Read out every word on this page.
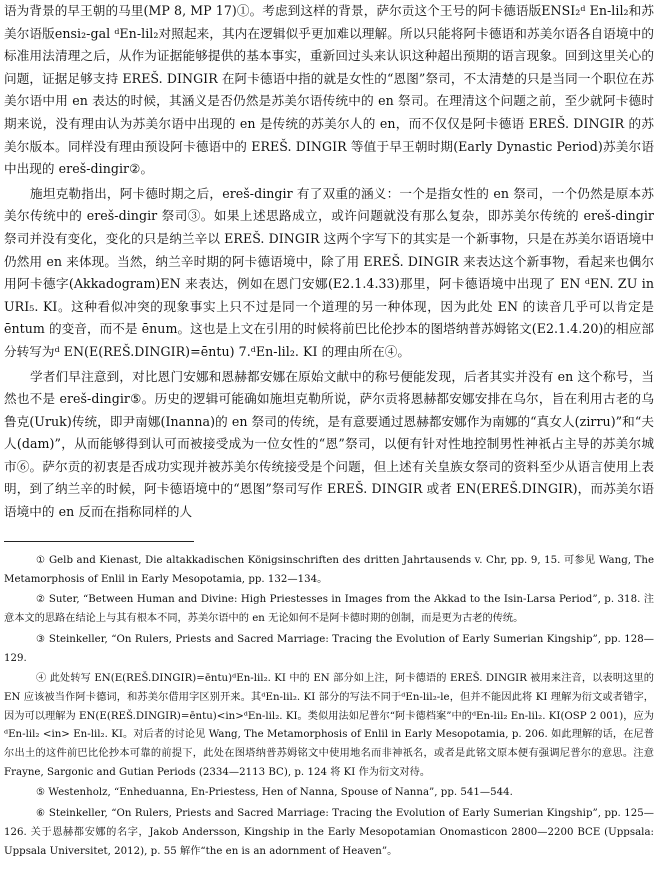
语为背景的早王朝的马里(MP 8, MP 17)①。考虑到这样的背景，萨尔贡这个王号的阿卡德语版ENSI₂ᵈ En-lil₂和苏美尔语版ensi₂-gal ᵈEn-lil₂对照起来，其内在逻辑似乎更加难以理解。所以只能将阿卡德语和苏美尔语各自语境中的标准用法清理之后，从作为证据能够提供的基本事实，重新回过头来认识这种超出预期的语言现象。回到这里关心的问题，证据足够支持 EREŠ. DINGIR 在阿卡德语中指的就是女性的“恩图”祭司，不太清楚的只是当同一个职位在苏美尔语中用 en 表达的时候，其涵义是否仍然是苏美尔语传统中的 en 祭司。在理清这个问题之前，至少就阿卡德时期来说，没有理由认为苏美尔语中出现的 en 是传统的苏美尔人的 en，而不仅仅是阿卡德语 EREŠ. DINGIR 的苏美尔版本。同样没有理由预设阿卡德语中的 EREŠ. DINGIR 等值于早王朝时期(Early Dynastic Period)苏美尔语中出现的 ereš-dingir②。

施坦克勒指出，阿卡德时期之后，ereš-dingir 有了双重的涵义：一个是指女性的 en 祭司，一个仍然是原本苏美尔传统中的 ereš-dingir 祭司③。如果上述思路成立，或许问题就没有那么复杂，即苏美尔传统的 ereš-dingir 祭司并没有变化，变化的只是纳兰辛以 EREŠ. DINGIR 这两个字写下的其实是一个新事物，只是在苏美尔语语境中仍然用 en 来体现。当然，纳兰辛时期的阿卡德语境中，除了用 EREŠ. DINGIR 来表达这个新事物，看起来也偶尔用阿卡德字(Akkadogram)EN 来表达，例如在恩门安娜(E2.1.4.33)那里，阿卡德语境中出现了 EN ᵈEN. ZU in URI₅. KI。这种看似冲突的现象事实上只不过是同一个道理的另一种体现，因为此处 EN 的读音几乎可以肯定是 ēntum 的变音，而不是 ēnum。这也是上文在引用的时候将前巴比伦抄本的图塔纳普苏姆铭文(E2.1.4.20)的相应部分转写为ᵈ EN(E(REŠ.DINGIR)=ēntu) 7.ᵈEn-lil₂. KI 的理由所在④。

学者们早注意到，对比恩门安娜和恩赫都安娜在原始文献中的称号便能发现，后者其实并没有 en 这个称号，当然也不是 ereš-dingir⑤。历史的逻辑可能确如施坦克勒所说，萨尔贡将恩赫都安娜安排在乌尔，旨在利用古老的乌鲁克(Uruk)传统，即尹南娜(Inanna)的 en 祭司的传统，是有意要通过恩赫都安娜作为南娜的“真女人(zirru)”和“夫人(dam)”，从而能够得到认可而被接受成为一位女性的“恩”祭司，以便有针对性地控制男性神祇占主导的苏美尔城市⑥。萨尔贡的初衷是否成功实现并被苏美尔传统接受是个问题，但上述有关皇族女祭司的资料至少从语言使用上表明，到了纳兰辛的时候，阿卡德语境中的“恩图”祭司写作 EREŠ. DINGIR 或者 EN(EREŠ.DINGIR)，而苏美尔语语境中的 en 反而在指称同样的人

① Gelb and Kienast, Die altakkadischen Königsinschriften des dritten Jahrtausends v. Chr, pp. 9, 15. 可参见 Wang, The Metamorphosis of Enlil in Early Mesopotamia, pp. 132—134。

② Suter, “Between Human and Divine: High Priestesses in Images from the Akkad to the Isin-Larsa Period”, p. 318. 注意本文的思路在结论上与其有根本不同，苏美尔语中的 en 无论如何不是阿卡德时期的创制，而是更为古老的传统。

③ Steinkeller, “On Rulers, Priests and Sacred Marriage: Tracing the Evolution of Early Sumerian Kingship”, pp. 128—129.

④ 此处转写 EN(E(REŠ.DINGIR)=ēntu)ᵈEn-lil₂. KI 中的 EN 部分如上注，阿卡德语的 EREŠ. DINGIR 被用来注音，以表明这里的 EN 应该被当作阿卡德词，和苏美尔借用字区别开来。其ᵈEn-lil₂. KI 部分的写法不同于ᵈEn-lil₂-le，但并不能因此将 KI 理解为衍文或者错字，因为可以理解为 EN(E(REŠ.DINGIR)=ēntu)<in>ᵈEn-lil₂. KI。类似用法如尼普尔“阿卡德档案”中的ᵈEn-lil₂ En-lil₂. KI(OSP 2 001)，应为ᵈEn-lil₂ <in> En-lil₂. KI。对后者的讨论见 Wang, The Metamorphosis of Enlil in Early Mesopotamia, p. 206. 如此理解的话，在尼普尔出土的这件前巴比伦抄本可靠的前提下，此处在图塔纳普苏姆铭文中使用地名而非神祇名，或者是此铭文原本便有强调尼普尔的意思。注意 Frayne, Sargonic and Gutian Periods (2334—2113 BC), p. 124 将 KI 作为衍文对待。

⑤ Westenholz, “Enheduanna, En-Priestess, Hen of Nanna, Spouse of Nanna”, pp. 541—544.

⑥ Steinkeller, “On Rulers, Priests and Sacred Marriage: Tracing the Evolution of Early Sumerian Kingship”, pp. 125—126. 关于恩赫都安娜的名字，Jakob Andersson, Kingship in the Early Mesopotamian Onomasticon 2800—2200 BCE (Uppsala: Uppsala Universitet, 2012), p. 55 解作“the en is an adornment of Heaven”。
